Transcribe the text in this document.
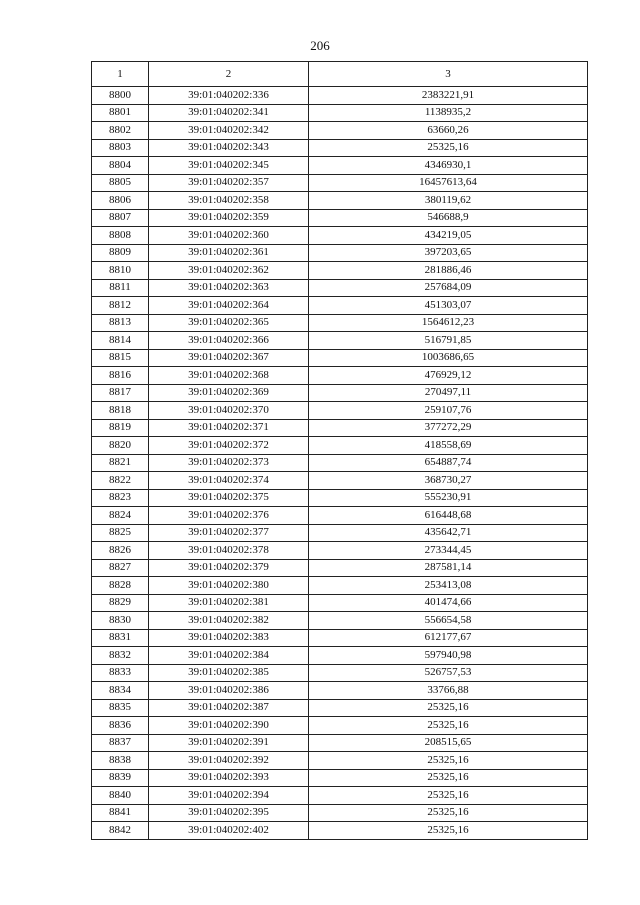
206
1	2	3
8800	39:01:040202:336	2383221,91
8801	39:01:040202:341	1138935,2
8802	39:01:040202:342	63660,26
8803	39:01:040202:343	25325,16
8804	39:01:040202:345	4346930,1
8805	39:01:040202:357	16457613,64
8806	39:01:040202:358	380119,62
8807	39:01:040202:359	546688,9
8808	39:01:040202:360	434219,05
8809	39:01:040202:361	397203,65
8810	39:01:040202:362	281886,46
8811	39:01:040202:363	257684,09
8812	39:01:040202:364	451303,07
8813	39:01:040202:365	1564612,23
8814	39:01:040202:366	516791,85
8815	39:01:040202:367	1003686,65
8816	39:01:040202:368	476929,12
8817	39:01:040202:369	270497,11
8818	39:01:040202:370	259107,76
8819	39:01:040202:371	377272,29
8820	39:01:040202:372	418558,69
8821	39:01:040202:373	654887,74
8822	39:01:040202:374	368730,27
8823	39:01:040202:375	555230,91
8824	39:01:040202:376	616448,68
8825	39:01:040202:377	435642,71
8826	39:01:040202:378	273344,45
8827	39:01:040202:379	287581,14
8828	39:01:040202:380	253413,08
8829	39:01:040202:381	401474,66
8830	39:01:040202:382	556654,58
8831	39:01:040202:383	612177,67
8832	39:01:040202:384	597940,98
8833	39:01:040202:385	526757,53
8834	39:01:040202:386	33766,88
8835	39:01:040202:387	25325,16
8836	39:01:040202:390	25325,16
8837	39:01:040202:391	208515,65
8838	39:01:040202:392	25325,16
8839	39:01:040202:393	25325,16
8840	39:01:040202:394	25325,16
8841	39:01:040202:395	25325,16
8842	39:01:040202:402	25325,16
